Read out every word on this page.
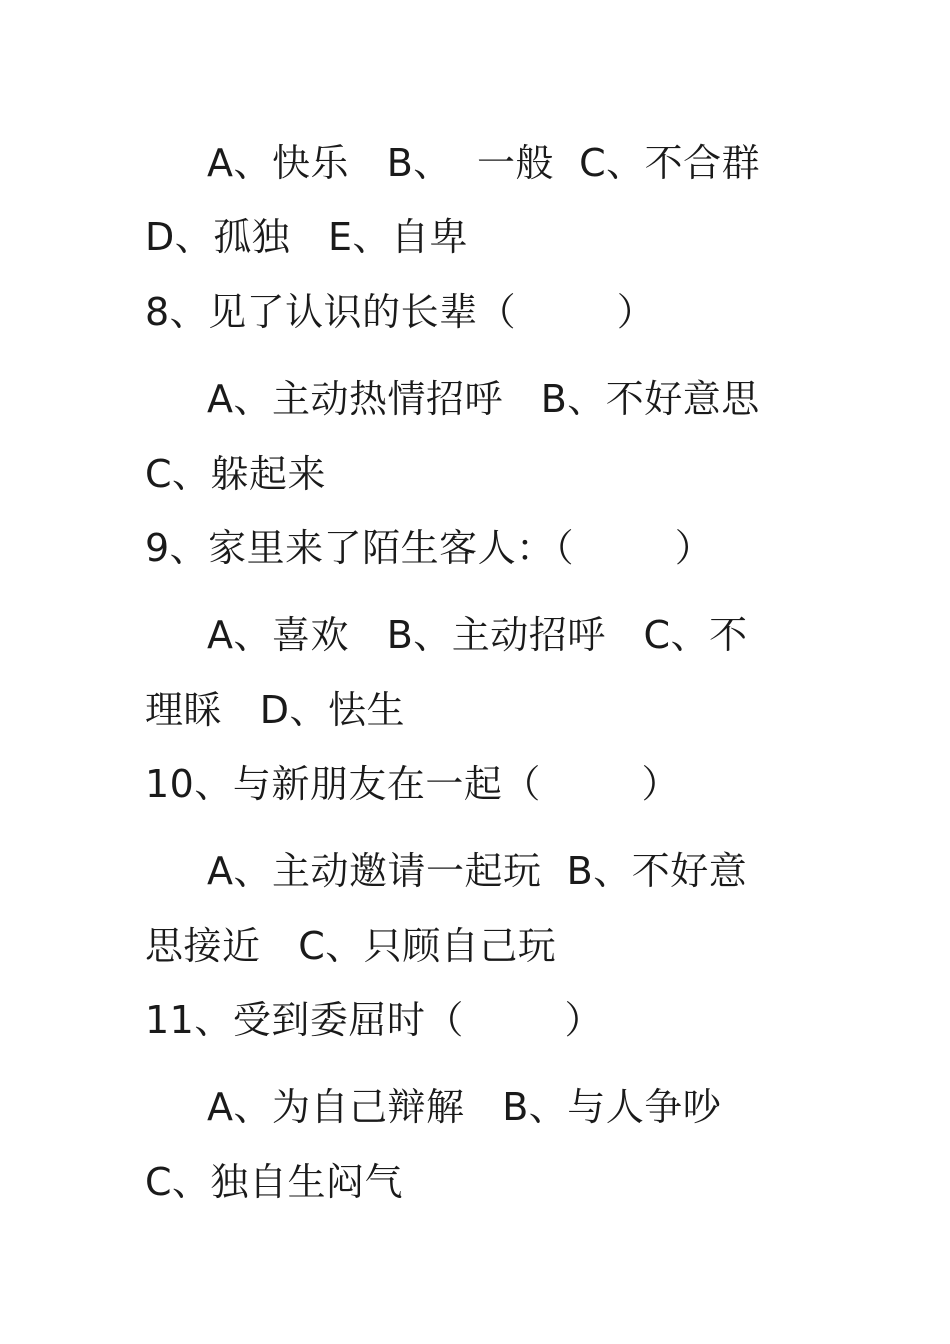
A、快乐   B、  一般  C、不合群
D、孤独   E、自卑
8、见了认识的长辈（        ）
A、主动热情招呼   B、不好意思
C、躲起来
9、家里来了陌生客人：（        ）
A、喜欢   B、主动招呼   C、不
理睬   D、怯生
10、与新朋友在一起（        ）
A、主动邀请一起玩  B、不好意
思接近   C、只顾自己玩
11、受到委屈时（        ）
A、为自己辩解   B、与人争吵
C、独自生闷气
